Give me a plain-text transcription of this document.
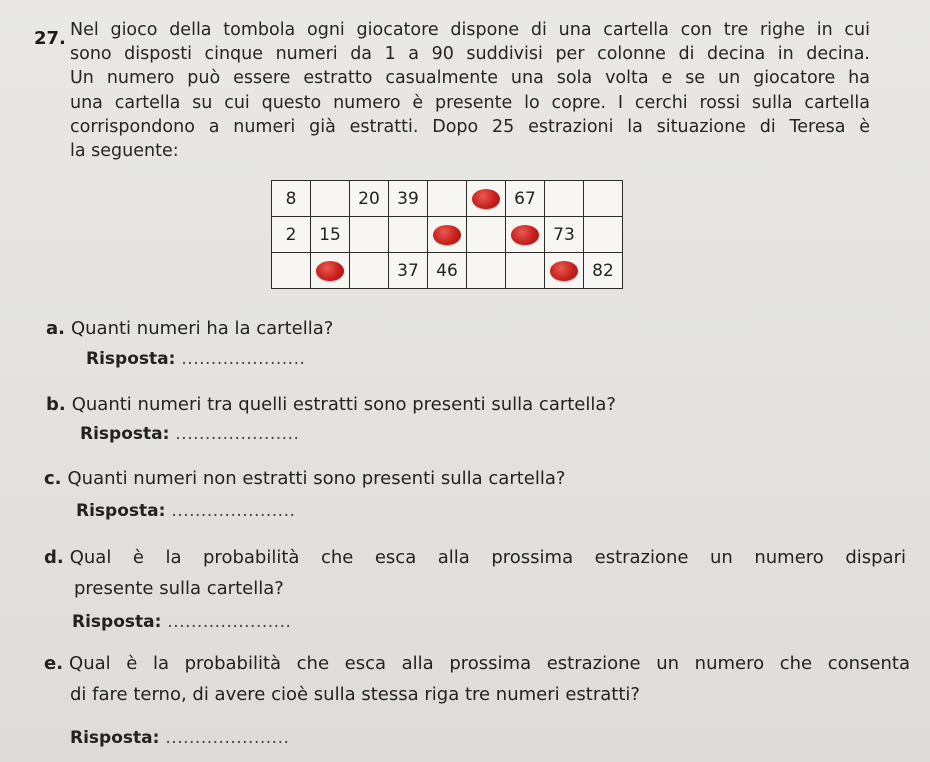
27. Nel gioco della tombola ogni giocatore dispone di una cartella con tre righe in cui
sono disposti cinque numeri da 1 a 90 suddivisi per colonne di decina in decina.
Un numero può essere estratto casualmente una sola volta e se un giocatore ha
una cartella su cui questo numero è presente lo copre. I cerchi rossi sulla cartella
corrispondono a numeri già estratti. Dopo 25 estrazioni la situazione di Teresa è
la seguente:

8		20	39			67		
2	15						73	
			37	46				82
a. Quanti numeri ha la cartella?
Risposta: .....................
b. Quanti numeri tra quelli estratti sono presenti sulla cartella?
Risposta: .....................
c. Quanti numeri non estratti sono presenti sulla cartella?
Risposta: .....................
d. Qual è la probabilità che esca alla prossima estrazione un numero dispari
presente sulla cartella?
Risposta: .....................
e. Qual è la probabilità che esca alla prossima estrazione un numero che consenta
di fare terno, di avere cioè sulla stessa riga tre numeri estratti?
Risposta: .....................
